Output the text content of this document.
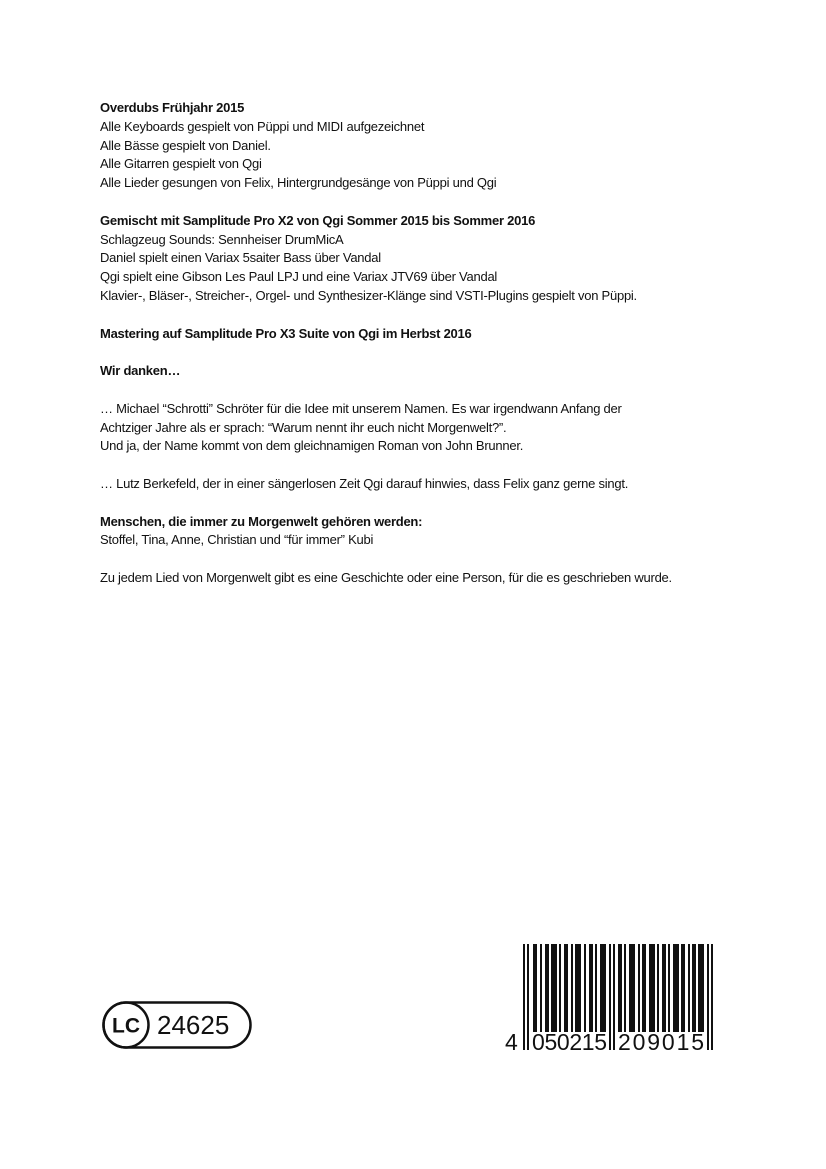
Overdubs Frühjahr 2015
Alle Keyboards gespielt von Püppi und MIDI aufgezeichnet
Alle Bässe gespielt von Daniel.
Alle Gitarren gespielt von Qgi
Alle Lieder gesungen von Felix, Hintergrundgesänge von Püppi und Qgi
Gemischt mit Samplitude Pro X2 von Qgi Sommer 2015 bis Sommer 2016
Schlagzeug Sounds: Sennheiser DrumMicA
Daniel spielt einen Variax 5saiter Bass über Vandal
Qgi spielt eine Gibson Les Paul LPJ und eine Variax JTV69 über Vandal
Klavier-, Bläser-, Streicher-, Orgel- und Synthesizer-Klänge sind VSTI-Plugins gespielt von Püppi.
Mastering auf Samplitude Pro X3 Suite von Qgi im Herbst 2016
Wir danken…
… Michael “Schrotti” Schröter für die Idee mit unserem Namen. Es war irgendwann Anfang der
Achtziger Jahre als er sprach: “Warum nennt ihr euch nicht Morgenwelt?”.
Und ja, der Name kommt von dem gleichnamigen Roman von John Brunner.
… Lutz Berkefeld, der in einer sängerlosen Zeit Qgi darauf hinwies, dass Felix ganz gerne singt.
Menschen, die immer zu Morgenwelt gehören werden:
Stoffel, Tina, Anne, Christian und “für immer” Kubi
Zu jedem Lied von Morgenwelt gibt es eine Geschichte oder eine Person, für die es geschrieben wurde.
LC 24625
4 050215 209015
